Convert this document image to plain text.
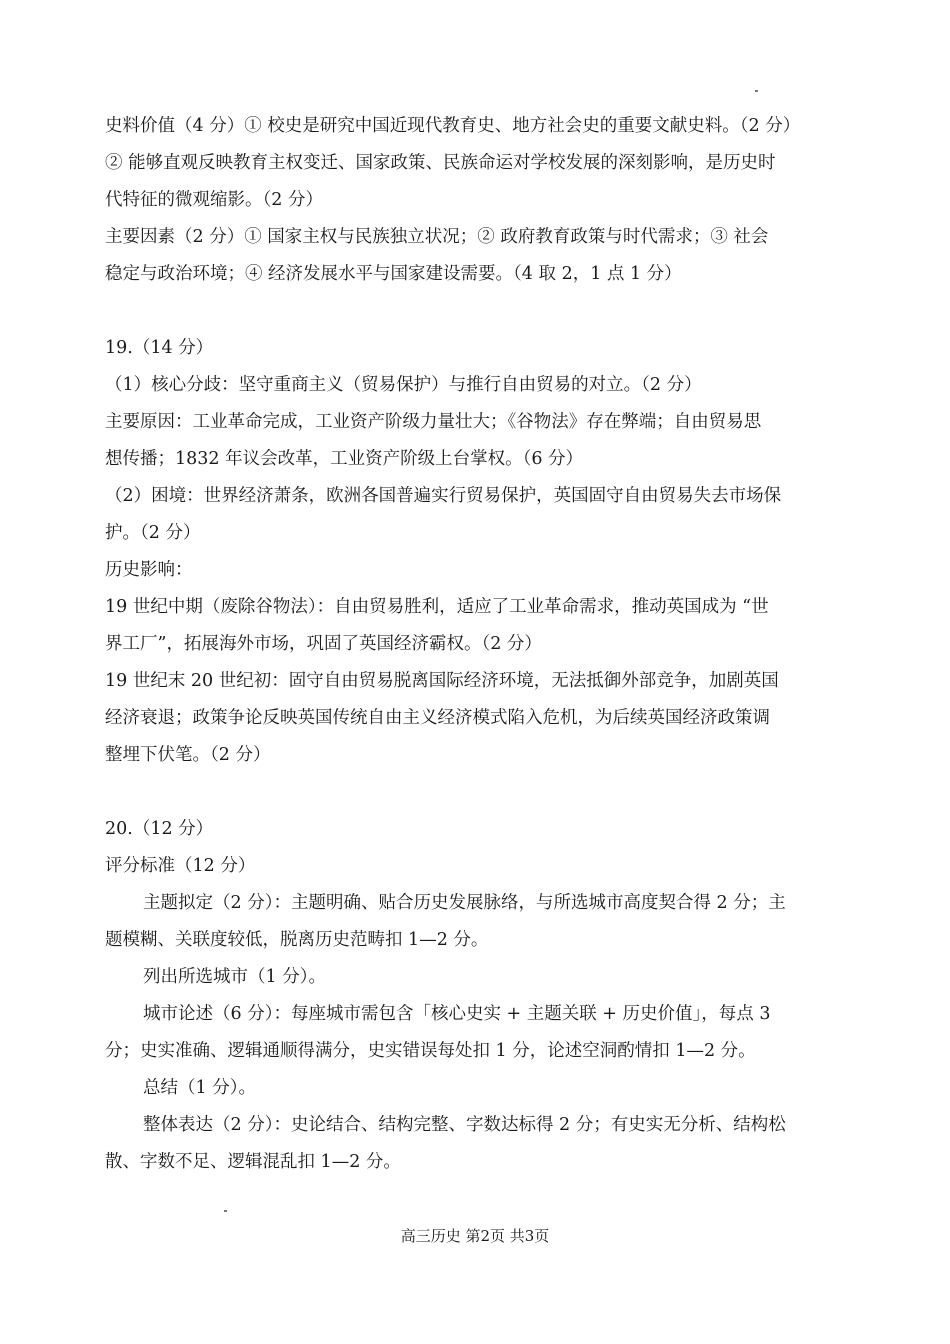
史料价值（4 分）① 校史是研究中国近现代教育史、地方社会史的重要文献史料。（2 分）
② 能够直观反映教育主权变迁、国家政策、民族命运对学校发展的深刻影响，是历史时
代特征的微观缩影。（2 分）
主要因素（2 分）① 国家主权与民族独立状况；② 政府教育政策与时代需求；③ 社会
稳定与政治环境；④ 经济发展水平与国家建设需要。（4 取 2，1 点 1 分）
19.（14 分）
（1）核心分歧：坚守重商主义（贸易保护）与推行自由贸易的对立。（2 分）
主要原因：工业革命完成，工业资产阶级力量壮大；《谷物法》存在弊端；自由贸易思
想传播；1832 年议会改革，工业资产阶级上台掌权。（6 分）
（2）困境：世界经济萧条，欧洲各国普遍实行贸易保护，英国固守自由贸易失去市场保
护。（2 分）
历史影响：
19 世纪中期（废除谷物法）：自由贸易胜利，适应了工业革命需求，推动英国成为 “世
界工厂”，拓展海外市场，巩固了英国经济霸权。（2 分）
19 世纪末 20 世纪初：固守自由贸易脱离国际经济环境，无法抵御外部竞争，加剧英国
经济衰退；政策争论反映英国传统自由主义经济模式陷入危机，为后续英国经济政策调
整埋下伏笔。（2 分）
20.（12 分）
评分标准（12 分）
主题拟定（2 分）：主题明确、贴合历史发展脉络，与所选城市高度契合得 2 分；主
题模糊、关联度较低，脱离历史范畴扣 1—2 分。
列出所选城市（1 分）。
城市论述（6 分）：每座城市需包含「核心史实 + 主题关联 + 历史价值」，每点 3
分；史实准确、逻辑通顺得满分，史实错误每处扣 1 分，论述空洞酌情扣 1—2 分。
总结（1 分）。
整体表达（2 分）：史论结合、结构完整、字数达标得 2 分；有史实无分析、结构松
散、字数不足、逻辑混乱扣 1—2 分。
高三历史 第2页 共3页
